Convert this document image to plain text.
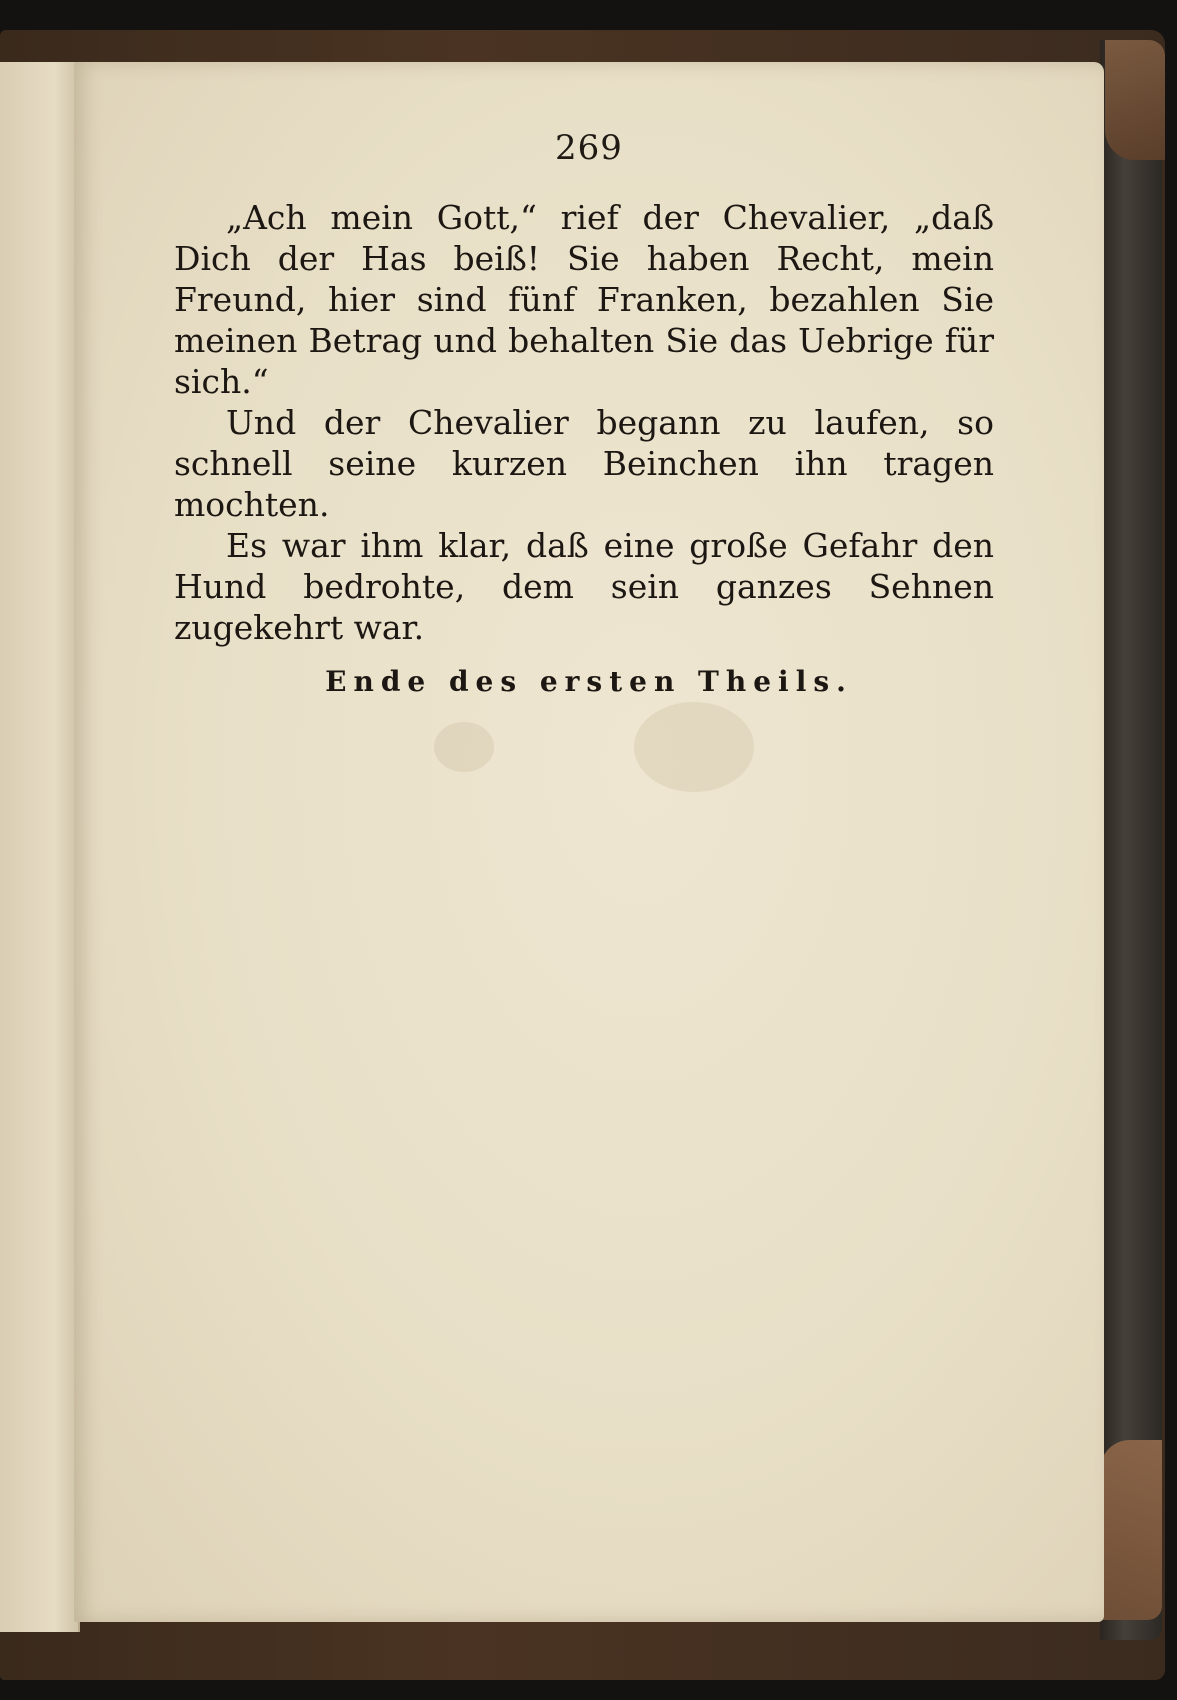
269

„Ach mein Gott,“ rief der Chevalier, „daß Dich der Has beiß! Sie haben Recht, mein Freund, hier sind fünf Franken, bezahlen Sie meinen Betrag und behalten Sie das Uebrige für sich.“

Und der Chevalier begann zu laufen, so schnell seine kurzen Beinchen ihn tragen mochten.

Es war ihm klar, daß eine große Gefahr den Hund bedrohte, dem sein ganzes Sehnen zugekehrt war.

Ende des ersten Theils.
